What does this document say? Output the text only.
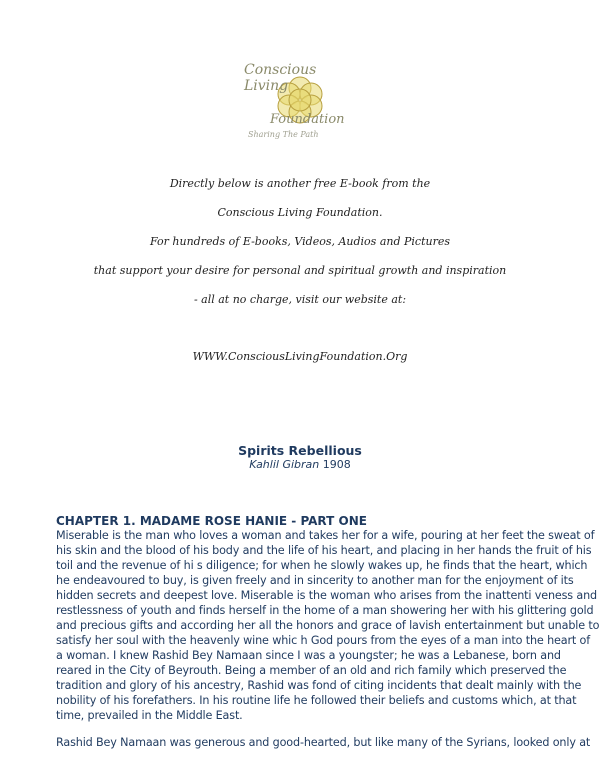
Conscious Living
Foundation
Sharing The Path
Directly below is another free E-book from the
Conscious Living Foundation.
For hundreds of E-books, Videos, Audios and Pictures
that support your desire for personal and spiritual growth and inspiration
- all at no charge, visit our website at:
WWW.ConsciousLivingFoundation.Org
Spirits Rebellious
Kahlil Gibran 1908
CHAPTER 1. MADAME ROSE HANIE - PART ONE
Miserable is the man who loves a woman and takes her for a wife, pouring at her feet the sweat of
his skin and the blood of his body and the life of his heart, and placing in her hands the fruit of his
toil and the revenue of hi s diligence; for when he slowly wakes up, he finds that the heart, which
he endeavoured to buy, is given freely and in sincerity to another man for the enjoyment of its
hidden secrets and deepest love. Miserable is the woman who arises from the inattenti veness and
restlessness of youth and finds herself in the home of a man showering her with his glittering gold
and precious gifts and according her all the honors and grace of lavish entertainment but unable to
satisfy her soul with the heavenly wine whic h God pours from the eyes of a man into the heart of
a woman. I knew Rashid Bey Namaan since I was a youngster; he was a Lebanese, born and
reared in the City of Beyrouth. Being a member of an old and rich family which preserved the
tradition and glory of his ancestry, Rashid was fond of citing incidents that dealt mainly with the
nobility of his forefathers. In his routine life he followed their beliefs and customs which, at that
time, prevailed in the Middle East.
Rashid Bey Namaan was generous and good-hearted, but like many of the Syrians, looked only at
